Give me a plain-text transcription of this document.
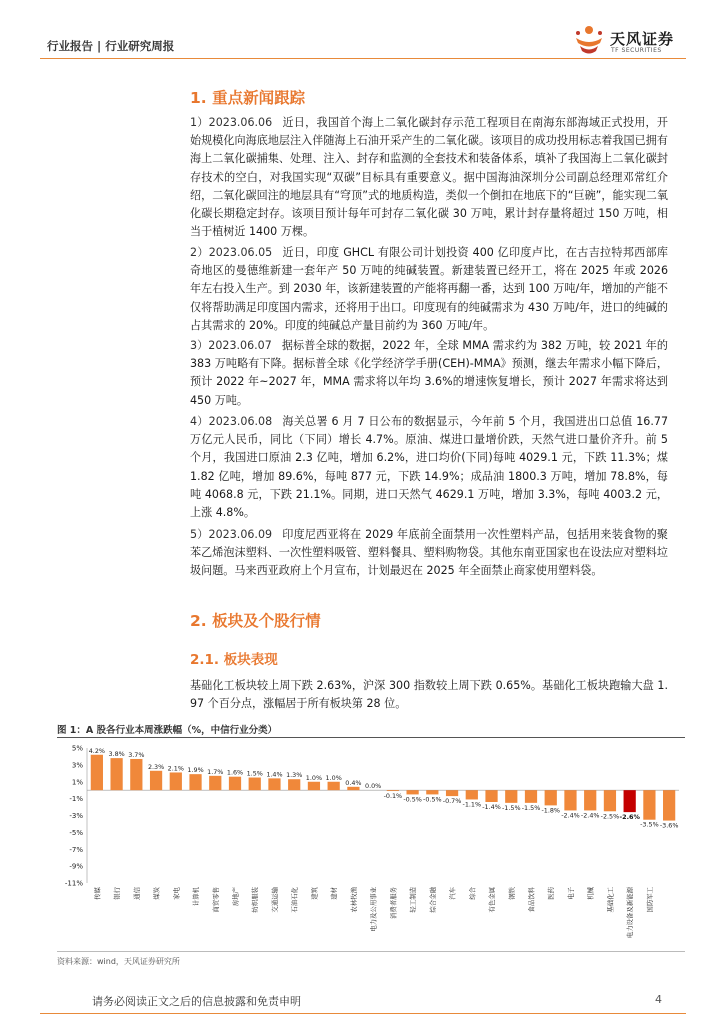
行业报告 | 行业研究周报	天风证券
TF SECURITIES
1. 重点新闻跟踪
1）2023.06.06 近日，我国首个海上二氧化碳封存示范工程项目在南海东部海域正式投用，开始规模化向海底地层注入伴随海上石油开采产生的二氧化碳。该项目的成功投用标志着我国已拥有海上二氧化碳捕集、处理、注入、封存和监测的全套技术和装备体系，填补了我国海上二氧化碳封存技术的空白，对我国实现“双碳”目标具有重要意义。据中国海油深圳分公司副总经理邓常红介绍，二氧化碳回注的地层具有“穹顶”式的地质构造，类似一个倒扣在地底下的“巨碗”，能实现二氧化碳长期稳定封存。该项目预计每年可封存二氧化碳 30 万吨，累计封存量将超过 150 万吨，相当于植树近 1400 万棵。
2）2023.06.05 近日，印度 GHCL 有限公司计划投资 400 亿印度卢比，在古吉拉特邦西部库奇地区的曼德维新建一套年产 50 万吨的纯碱装置。新建装置已经开工，将在 2025 年或 2026 年左右投入生产。到 2030 年，该新建装置的产能将再翻一番，达到 100 万吨/年，增加的产能不仅将帮助满足印度国内需求，还将用于出口。印度现有的纯碱需求为 430 万吨/年，进口的纯碱的占其需求的 20%。印度的纯碱总产量目前约为 360 万吨/年。
3）2023.06.07 据标普全球的数据，2022 年，全球 MMA 需求约为 382 万吨，较 2021 年的 383 万吨略有下降。据标普全球《化学经济学手册(CEH)-MMA》预测，继去年需求小幅下降后，预计 2022 年~2027 年，MMA 需求将以年均 3.6%的增速恢复增长，预计 2027 年需求将达到 450 万吨。
4）2023.06.08 海关总署 6 月 7 日公布的数据显示，今年前 5 个月，我国进出口总值 16.77 万亿元人民币，同比（下同）增长 4.7%。原油、煤进口量增价跌，天然气进口量价齐升。前 5 个月，我国进口原油 2.3 亿吨，增加 6.2%，进口均价(下同)每吨 4029.1 元，下跌 11.3%；煤 1.82 亿吨，增加 89.6%，每吨 877 元，下跌 14.9%；成品油 1800.3 万吨，增加 78.8%，每吨 4068.8 元，下跌 21.1%。同期，进口天然气 4629.1 万吨，增加 3.3%，每吨 4003.2 元，上涨 4.8%。
5）2023.06.09 印度尼西亚将在 2029 年底前全面禁用一次性塑料产品，包括用来装食物的聚苯乙烯泡沫塑料、一次性塑料吸管、塑料餐具、塑料购物袋。其他东南亚国家也在设法应对塑料垃圾问题。马来西亚政府上个月宣布，计划最迟在 2025 年全面禁止商家使用塑料袋。
2. 板块及个股行情
2.1. 板块表现
基础化工板块较上周下跌 2.63%，沪深 300 指数较上周下跌 0.65%。基础化工板块跑输大盘 1.97 个百分点，涨幅居于所有板块第 28 位。
图 1：A 股各行业本周涨跌幅（%，中信行业分类）
5%
3%
1%
-1%
-3%
-5%
-7%
-9%
-11%
4.2% 3.8% 3.7%
2.3% 2.1% 1.9% 1.7% 1.6% 1.5% 1.4% 1.3% 1.0% 1.0%
0.4% 0.0%
-0.1% -0.5% -0.5% -0.7% -1.1% -1.4% -1.5% -1.5% -1.8%
-2.4% -2.4% -2.5% -2.6%
-3.5% -3.6%
传媒 银行 通信 煤炭 家电 计算机 商贸零售 房地产 纺织服装 交通运输 石油石化 建筑 建材 农林牧渔 电力及公用事业 消费者服务 轻工制造 综合金融 汽车 综合 有色金属 钢铁 食品饮料 医药 电子 机械 基础化工 电力设备及新能源 国防军工
资料来源：wind，天风证券研究所
请务必阅读正文之后的信息披露和免责申明	4
